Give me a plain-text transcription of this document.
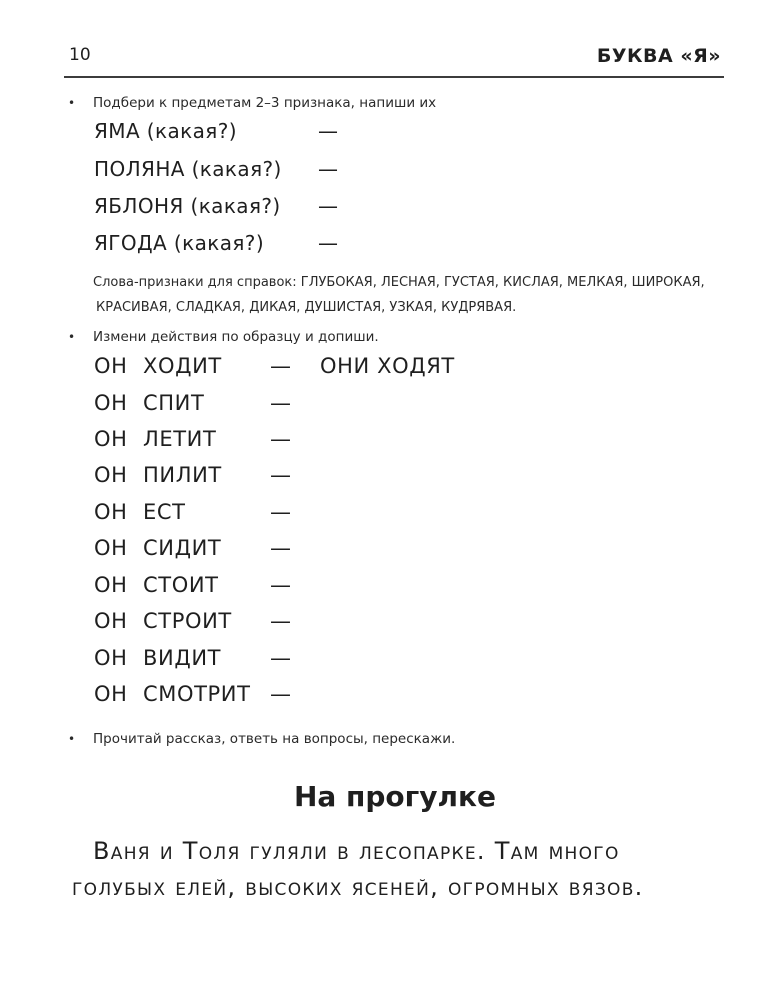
10	БУКВА «Я»
• Подбери к предметам 2–3 признака, напиши их
ЯМА (какая?)	—
ПОЛЯНА (какая?) —
ЯБЛОНЯ (какая?) —
ЯГОДА (какая?)	—
Слова-признаки для справок: ГЛУБОКАЯ, ЛЕСНАЯ, ГУСТАЯ, КИСЛАЯ, МЕЛКАЯ, ШИРОКАЯ,
КРАСИВАЯ, СЛАДКАЯ, ДИКАЯ, ДУШИСТАЯ, УЗКАЯ, КУДРЯВАЯ.
• Измени действия по образцу и допиши.
ОН ХОДИТ — ОНИ ХОДЯТ
ОН СПИТ	—
ОН ЛЕТИТ	—
ОН ПИЛИТ —
ОН ЕСТ	—
ОН СИДИТ —
ОН СТОИТ —
ОН СТРОИТ —
ОН ВИДИТ —
ОН СМОТРИТ —
• Прочитай рассказ, ответь на вопросы, перескажи.
На прогулке
Ваня и Толя гуляли в лесопарке. Там много
голубых елей, высоких ясеней, огромных вязов.
